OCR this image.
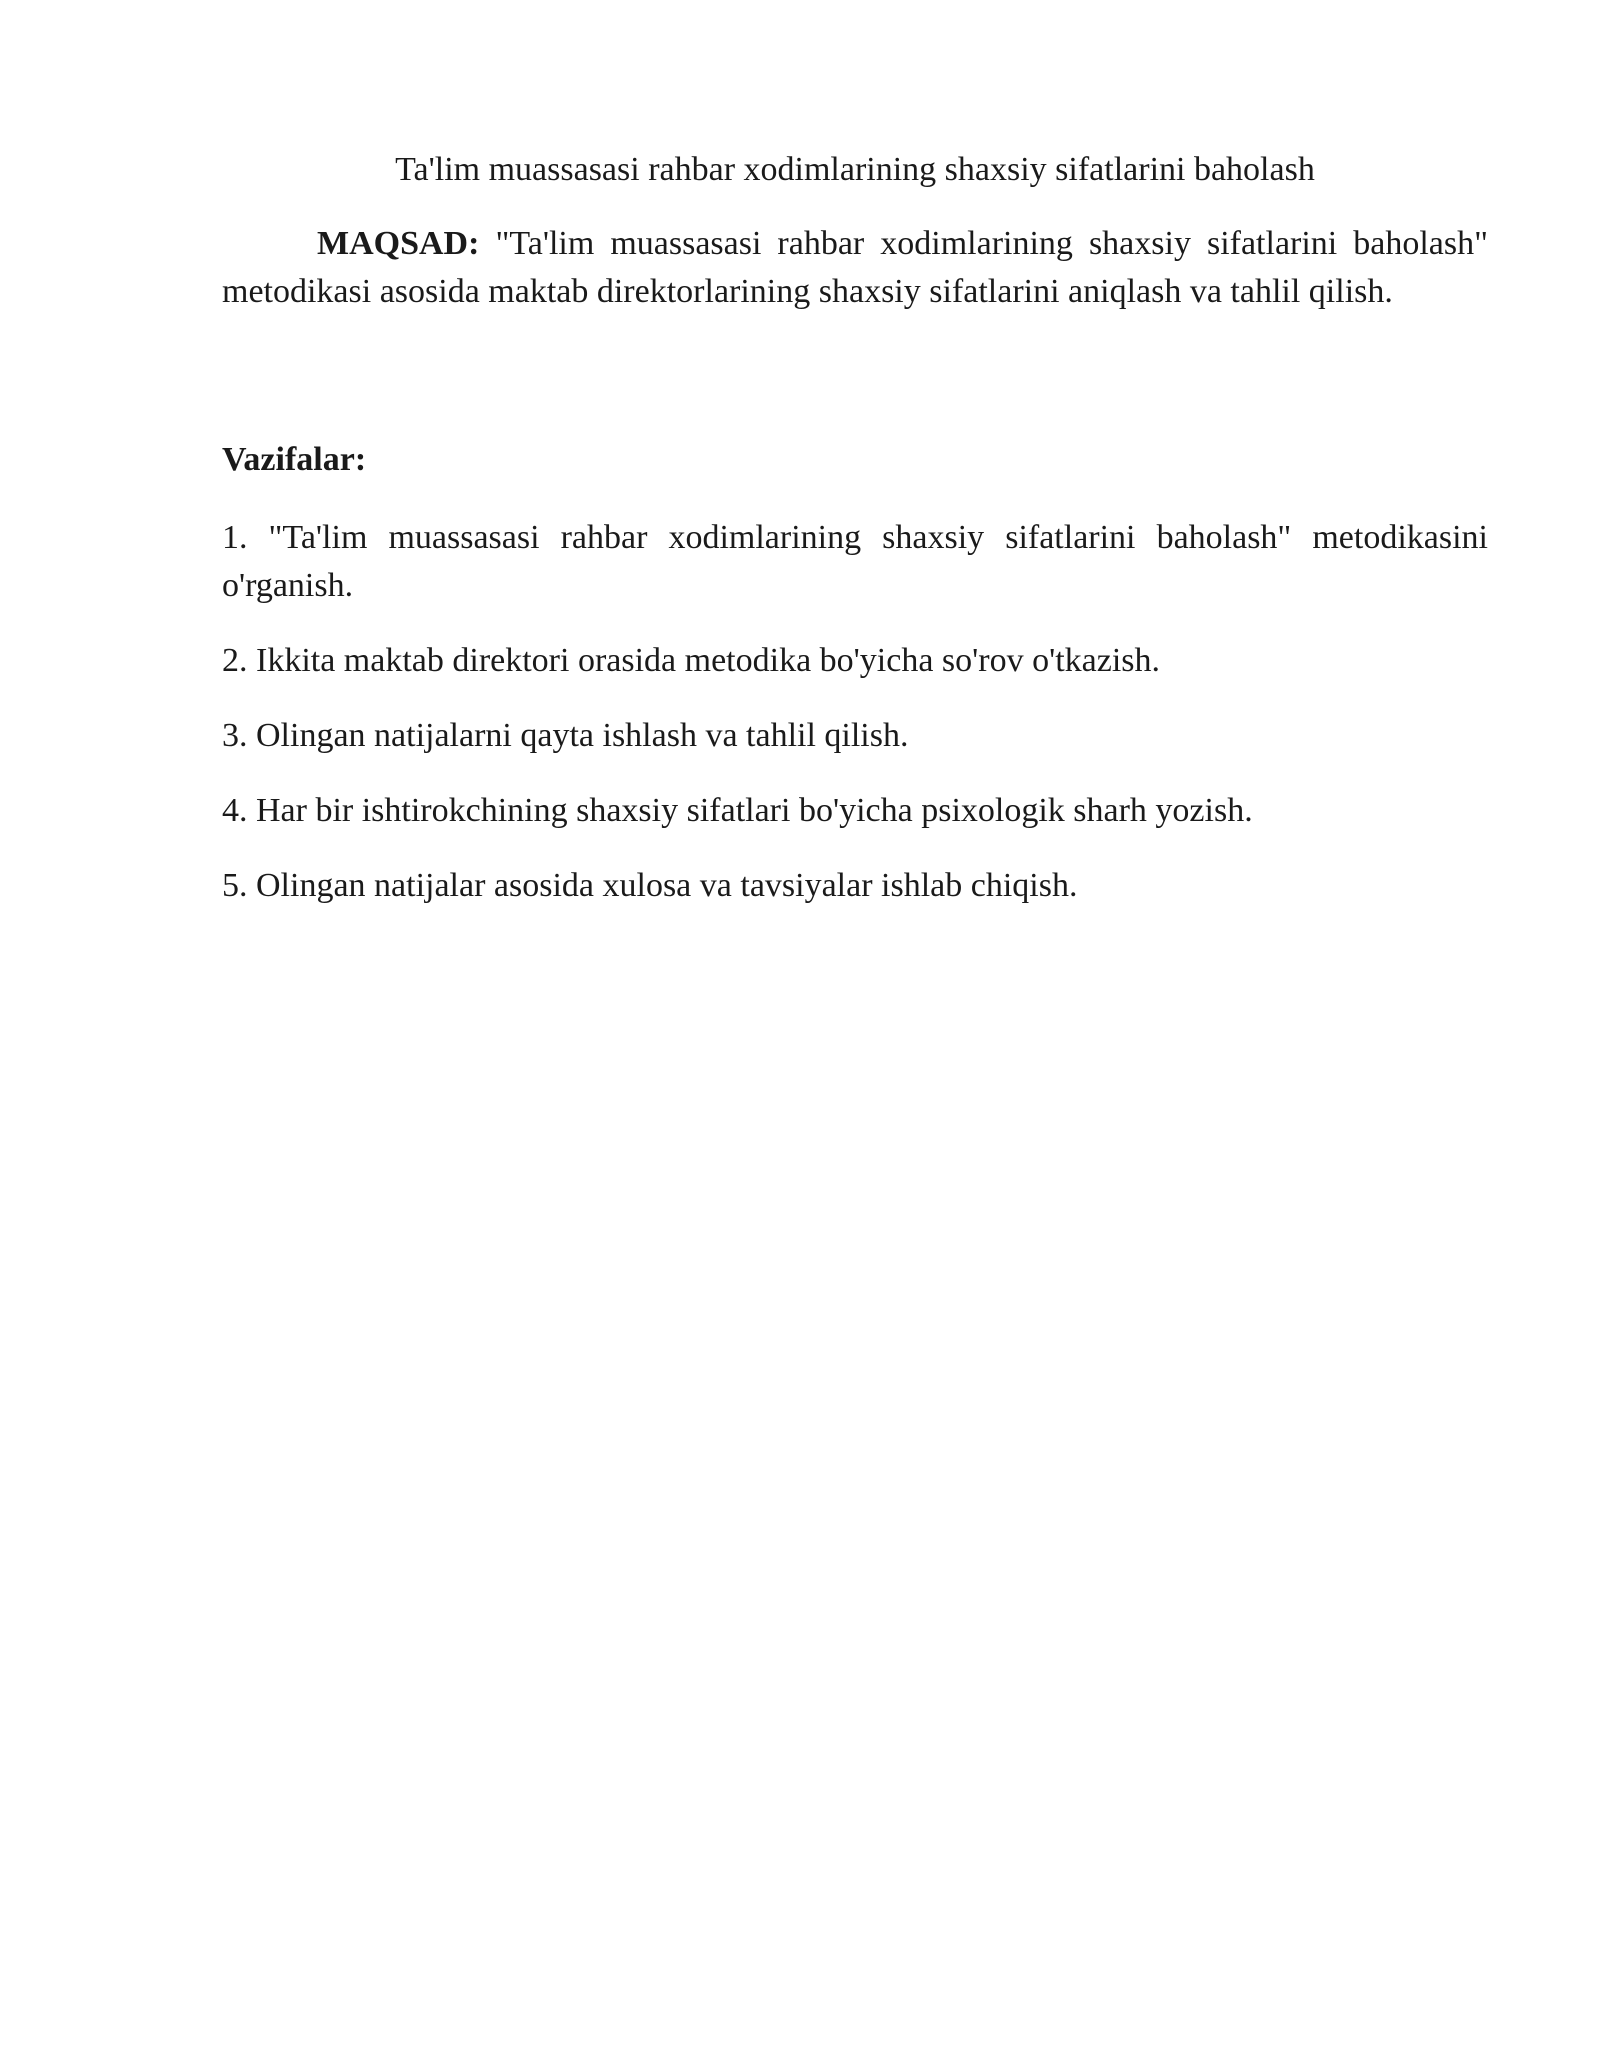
Ta'lim muassasasi rahbar xodimlarining shaxsiy sifatlarini baholash

MAQSAD: "Ta'lim muassasasi rahbar xodimlarining shaxsiy sifatlarini baholash" metodikasi asosida maktab direktorlarining shaxsiy sifatlarini aniqlash va tahlil qilish.

Vazifalar:

1. "Ta'lim muassasasi rahbar xodimlarining shaxsiy sifatlarini baholash" metodikasini o'rganish.
2. Ikkita maktab direktori orasida metodika bo'yicha so'rov o'tkazish.
3. Olingan natijalarni qayta ishlash va tahlil qilish.
4. Har bir ishtirokchining shaxsiy sifatlari bo'yicha psixologik sharh yozish.
5. Olingan natijalar asosida xulosa va tavsiyalar ishlab chiqish.
